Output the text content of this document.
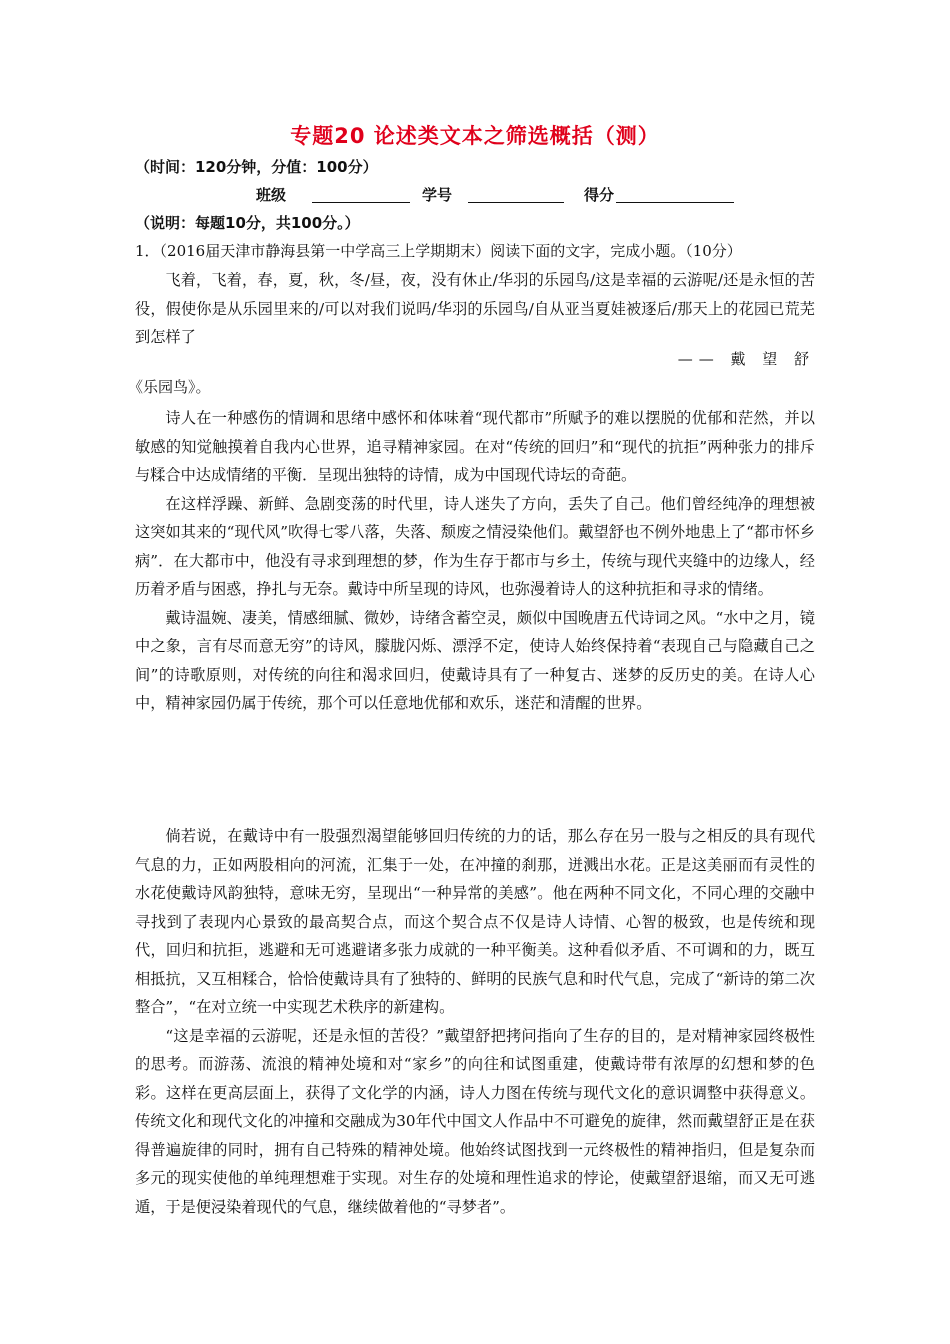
专题20 论述类文本之筛选概括（测）
（时间：120分钟，分值：100分）
班级	学号	得分
（说明：每题10分，共100分。）
1．（2016届天津市静海县第一中学高三上学期期末）阅读下面的文字，完成小题。（10分）

飞着，飞着，春，夏，秋，冬/昼，夜，没有休止/华羽的乐园鸟/这是幸福的云游呢/还是永恒的苦役，假使你是从乐园里来的/可以对我们说吗/华羽的乐园鸟/自从亚当夏娃被逐后/那天上的花园已荒芜到怎样了

—— 戴 望 舒
《乐园鸟》。

诗人在一种感伤的情调和思绪中感怀和体味着“现代都市”所赋予的难以摆脱的优郁和茫然，并以敏感的知觉触摸着自我内心世界，追寻精神家园。在对“传统的回归”和“现代的抗拒”两种张力的排斥与糅合中达成情绪的平衡．呈现出独特的诗情，成为中国现代诗坛的奇葩。

在这样浮躁、新鲜、急剧变荡的时代里，诗人迷失了方向，丢失了自己。他们曾经纯净的理想被这突如其来的“现代风”吹得七零八落，失落、颓废之情浸染他们。戴望舒也不例外地患上了“都市怀乡病”．在大都市中，他没有寻求到理想的梦，作为生存于都市与乡土，传统与现代夹缝中的边缘人，经历着矛盾与困惑，挣扎与无奈。戴诗中所呈现的诗风，也弥漫着诗人的这种抗拒和寻求的情绪。

戴诗温婉、凄美，情感细腻、微妙，诗绪含蓄空灵，颇似中国晚唐五代诗词之风。“水中之月，镜中之象，言有尽而意无穷”的诗风，朦胧闪烁、漂浮不定，使诗人始终保持着“表现自己与隐藏自己之间”的诗歌原则，对传统的向往和渴求回归，使戴诗具有了一种复古、迷梦的反历史的美。在诗人心中，精神家园仍属于传统，那个可以任意地优郁和欢乐，迷茫和清醒的世界。

倘若说，在戴诗中有一股强烈渴望能够回归传统的力的话，那么存在另一股与之相反的具有现代气息的力，正如两股相向的河流，汇集于一处，在冲撞的刹那，迸溅出水花。正是这美丽而有灵性的水花使戴诗风韵独特，意味无穷，呈现出“一种异常的美感”。他在两种不同文化，不同心理的交融中寻找到了表现内心景致的最高契合点，而这个契合点不仅是诗人诗情、心智的极致，也是传统和现代，回归和抗拒，逃避和无可逃避诸多张力成就的一种平衡美。这种看似矛盾、不可调和的力，既互相抵抗，又互相糅合，恰恰使戴诗具有了独特的、鲜明的民族气息和时代气息，完成了“新诗的第二次整合”，“在对立统一中实现艺术秩序的新建构。

“这是幸福的云游呢，还是永恒的苦役？”戴望舒把拷问指向了生存的目的，是对精神家园终极性的思考。而游荡、流浪的精神处境和对“家乡”的向往和试图重建，使戴诗带有浓厚的幻想和梦的色彩。这样在更高层面上，获得了文化学的内涵，诗人力图在传统与现代文化的意识调整中获得意义。传统文化和现代文化的冲撞和交融成为30年代中国文人作品中不可避免的旋律，然而戴望舒正是在获得普遍旋律的同时，拥有自己特殊的精神处境。他始终试图找到一元终极性的精神指归，但是复杂而多元的现实使他的单纯理想难于实现。对生存的处境和理性追求的悖论，使戴望舒退缩，而又无可逃遁，于是便浸染着现代的气息，继续做着他的“寻梦者”。
